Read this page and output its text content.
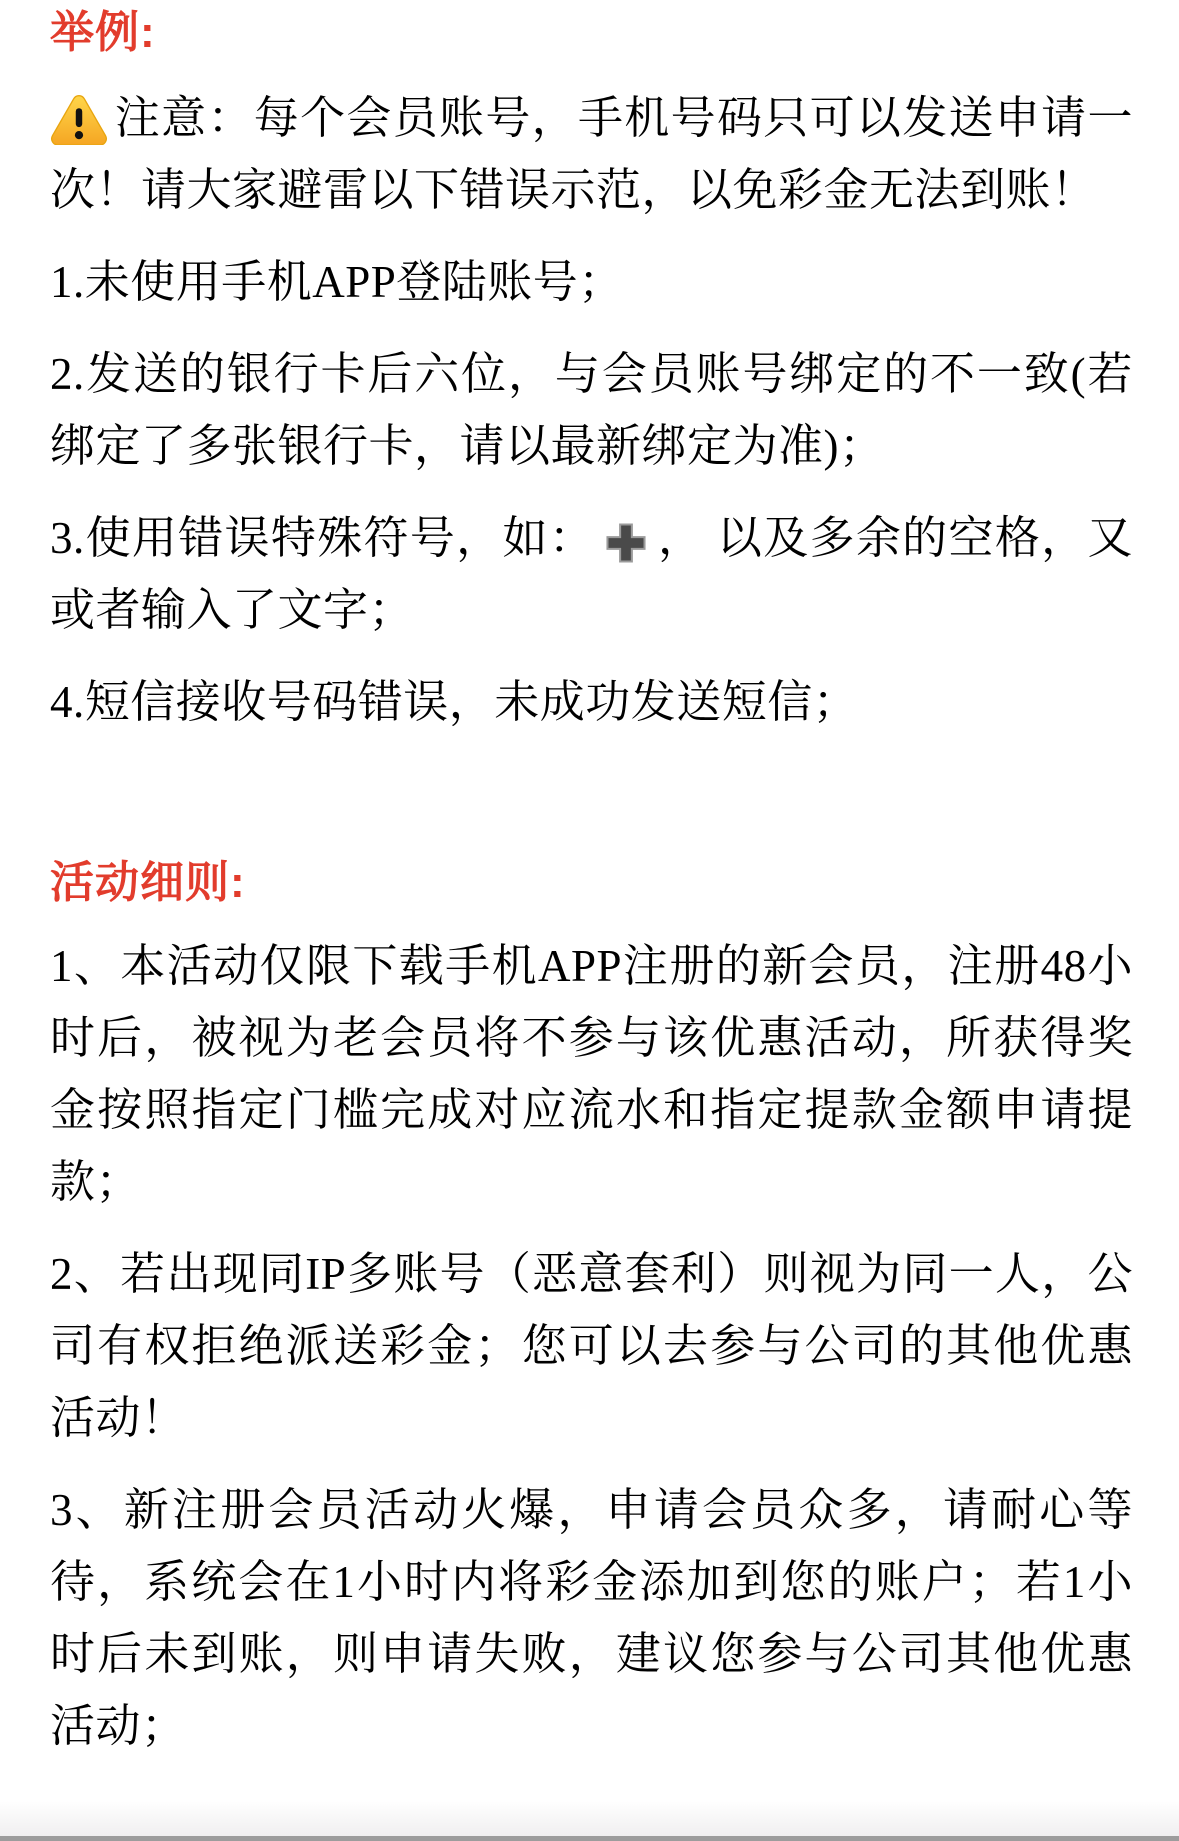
举例:

注意：每个会员账号，手机号码只可以发送申请一次！请大家避雷以下错误示范，以免彩金无法到账！

1.未使用手机APP登陆账号；

2.发送的银行卡后六位，与会员账号绑定的不一致(若绑定了多张银行卡，请以最新绑定为准)；

3.使用错误特殊符号，如： ， 以及多余的空格，又或者输入了文字；

4.短信接收号码错误，未成功发送短信；

活动细则:

1、本活动仅限下载手机APP注册的新会员，注册48小时后，被视为老会员将不参与该优惠活动，所获得奖金按照指定门槛完成对应流水和指定提款金额申请提款；

2、若出现同IP多账号（恶意套利）则视为同一人，公司有权拒绝派送彩金；您可以去参与公司的其他优惠活动！

3、新注册会员活动火爆，申请会员众多，请耐心等待，系统会在1小时内将彩金添加到您的账户；若1小时后未到账，则申请失败，建议您参与公司其他优惠活动；
